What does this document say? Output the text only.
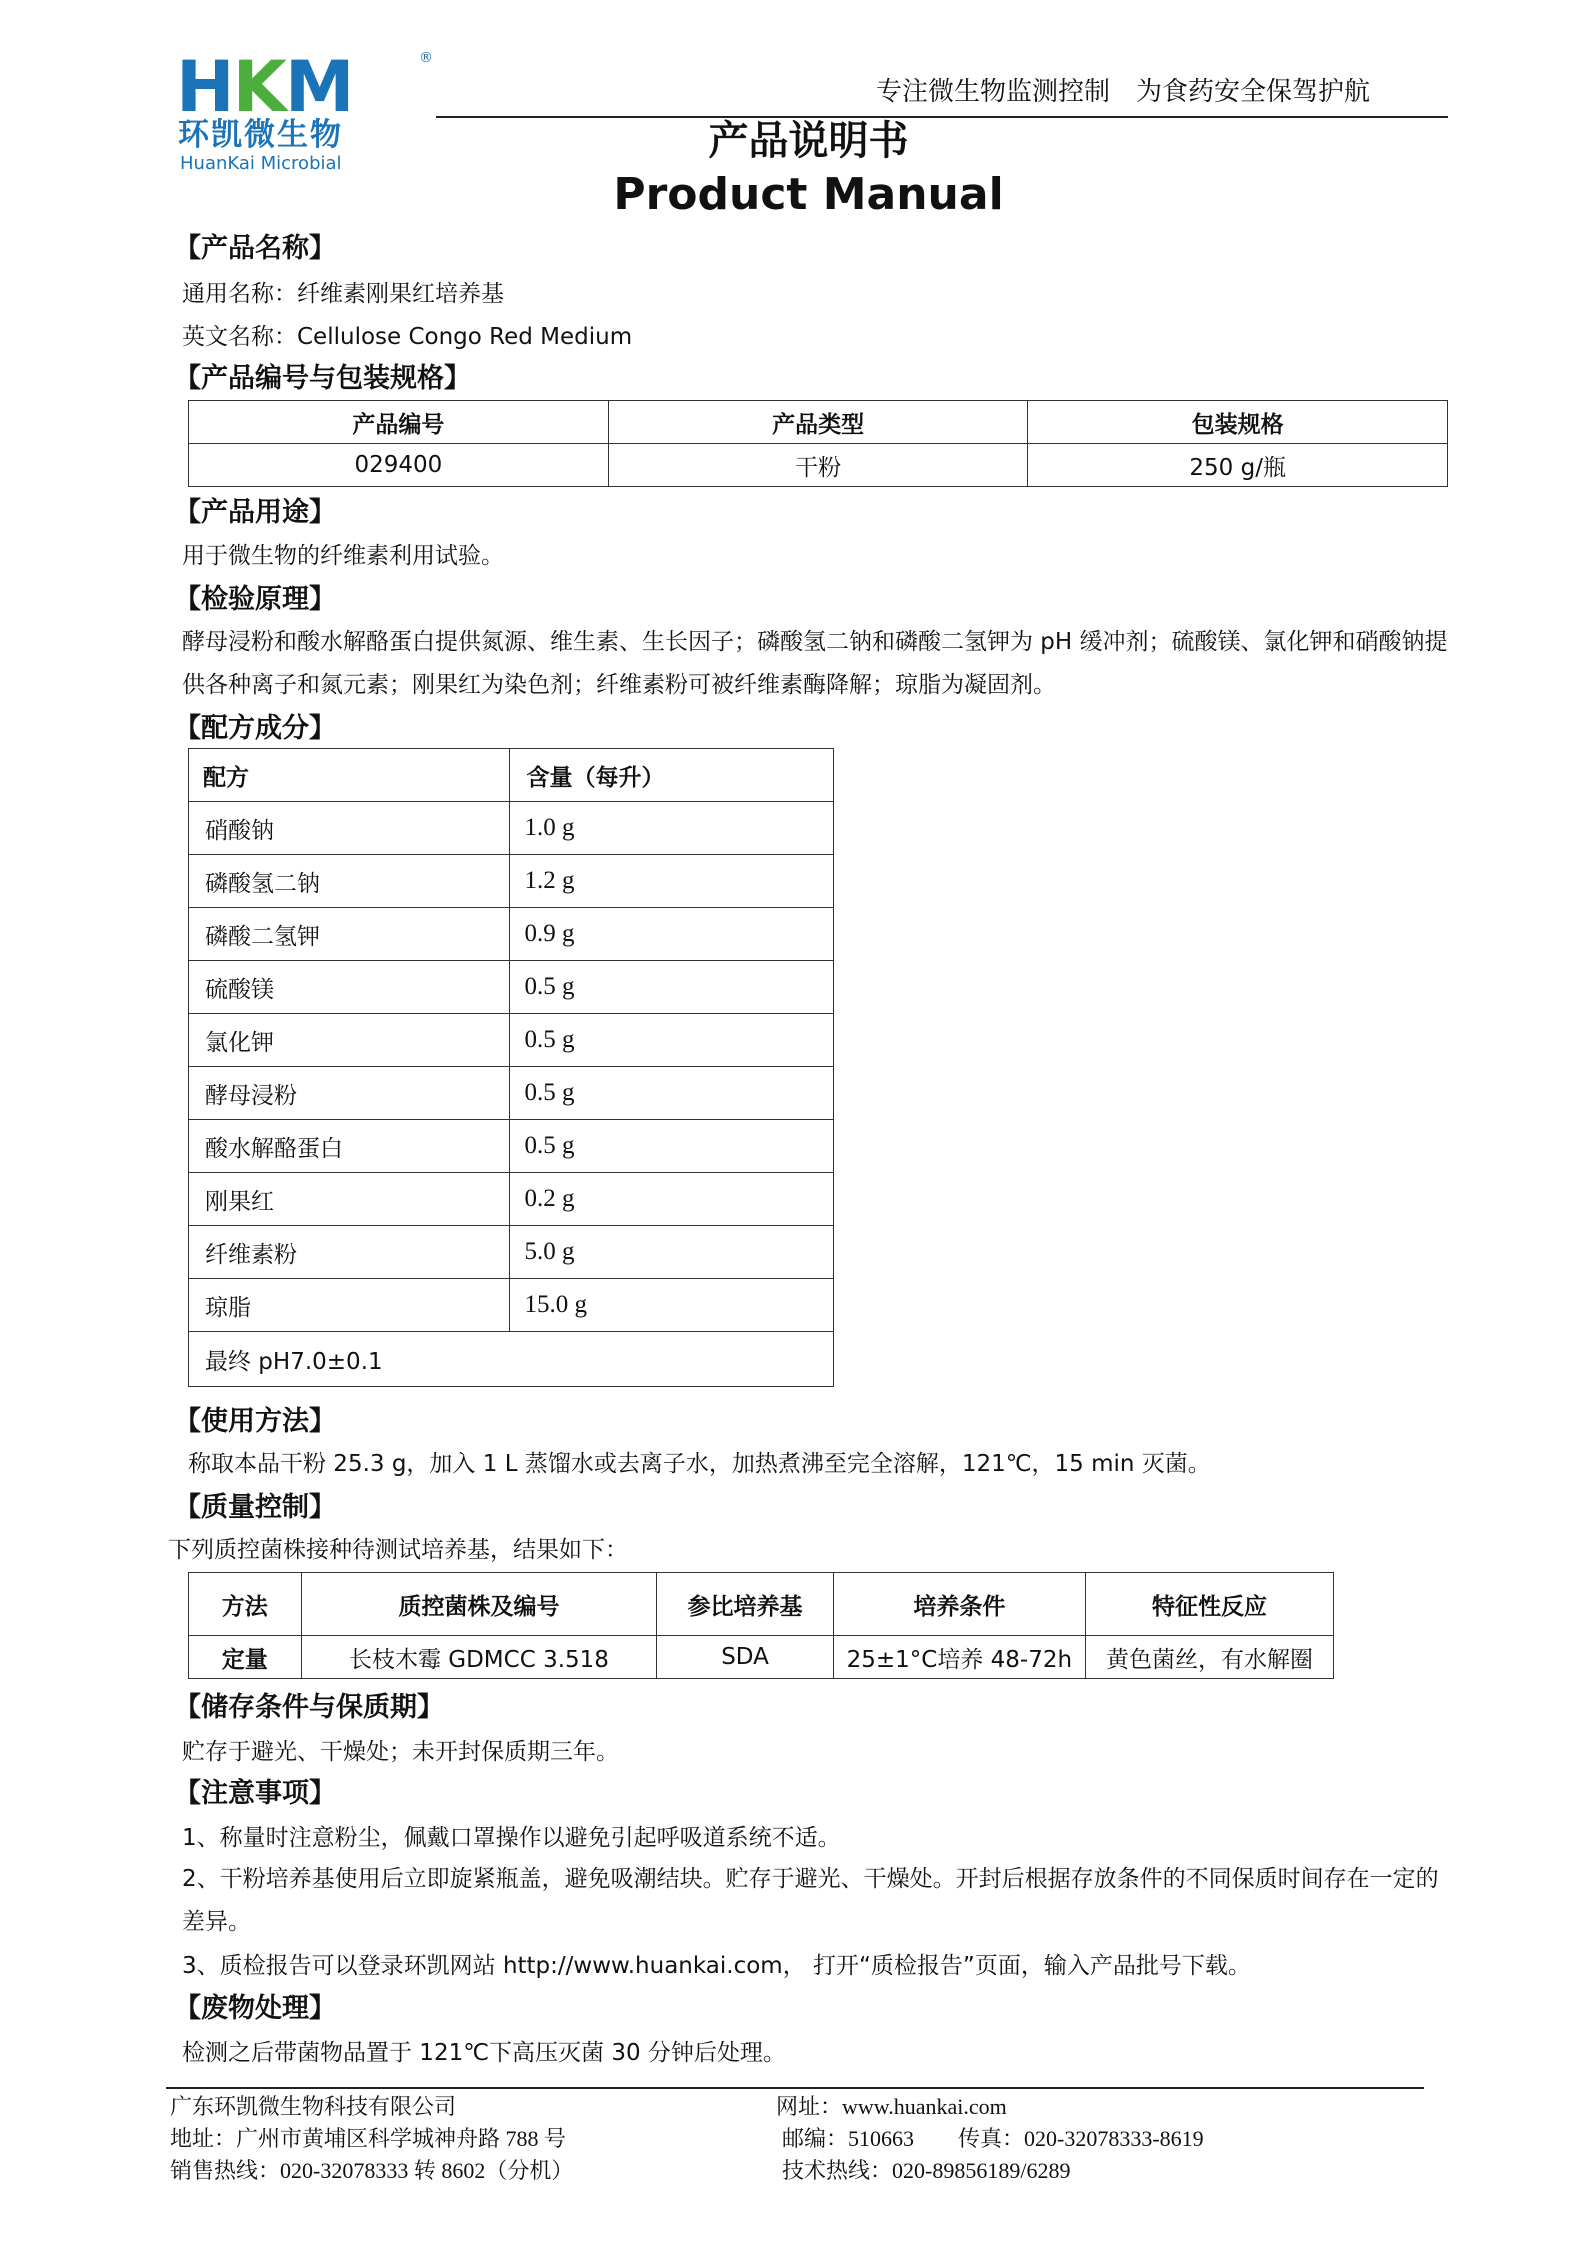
HKM	®
环凯微生物
HuanKai Microbial
专注微生物监测控制　为食药安全保驾护航
产品说明书
Product Manual
【产品名称】
通用名称：纤维素刚果红培养基
英文名称：Cellulose Congo Red Medium
【产品编号与包装规格】
产品编号	产品类型	包装规格
029400	干粉	250 g/瓶
【产品用途】
用于微生物的纤维素利用试验。
【检验原理】
酵母浸粉和酸水解酪蛋白提供氮源、维生素、生长因子；磷酸氢二钠和磷酸二氢钾为 pH 缓冲剂；硫酸镁、氯化钾和硝酸钠提供各种离子和氮元素；刚果红为染色剂；纤维素粉可被纤维素酶降解；琼脂为凝固剂。
【配方成分】
配方	含量（每升）
硝酸钠	1.0 g
磷酸氢二钠	1.2 g
磷酸二氢钾	0.9 g
硫酸镁	0.5 g
氯化钾	0.5 g
酵母浸粉	0.5 g
酸水解酪蛋白	0.5 g
刚果红	0.2 g
纤维素粉	5.0 g
琼脂	15.0 g
最终 pH7.0±0.1	
【使用方法】
称取本品干粉 25.3 g，加入 1 L 蒸馏水或去离子水，加热煮沸至完全溶解，121℃，15 min 灭菌。
【质量控制】
下列质控菌株接种待测试培养基，结果如下：
方法	质控菌株及编号	参比培养基	培养条件	特征性反应
定量	长枝木霉 GDMCC 3.518	SDA	25±1°C培养 48-72h	黄色菌丝，有水解圈
【储存条件与保质期】
贮存于避光、干燥处；未开封保质期三年。
【注意事项】
1、称量时注意粉尘，佩戴口罩操作以避免引起呼吸道系统不适。
2、干粉培养基使用后立即旋紧瓶盖，避免吸潮结块。贮存于避光、干燥处。开封后根据存放条件的不同保质时间存在一定的差异。
3、质检报告可以登录环凯网站 http://www.huankai.com， 打开“质检报告”页面，输入产品批号下载。
【废物处理】
检测之后带菌物品置于 121℃下高压灭菌 30 分钟后处理。
广东环凯微生物科技有限公司
地址：广州市黄埔区科学城神舟路 788 号
销售热线：020-32078333 转 8602（分机）
网址：www.huankai.com
邮编：510663 传真：020-32078333-8619
技术热线：020-89856189/6289
